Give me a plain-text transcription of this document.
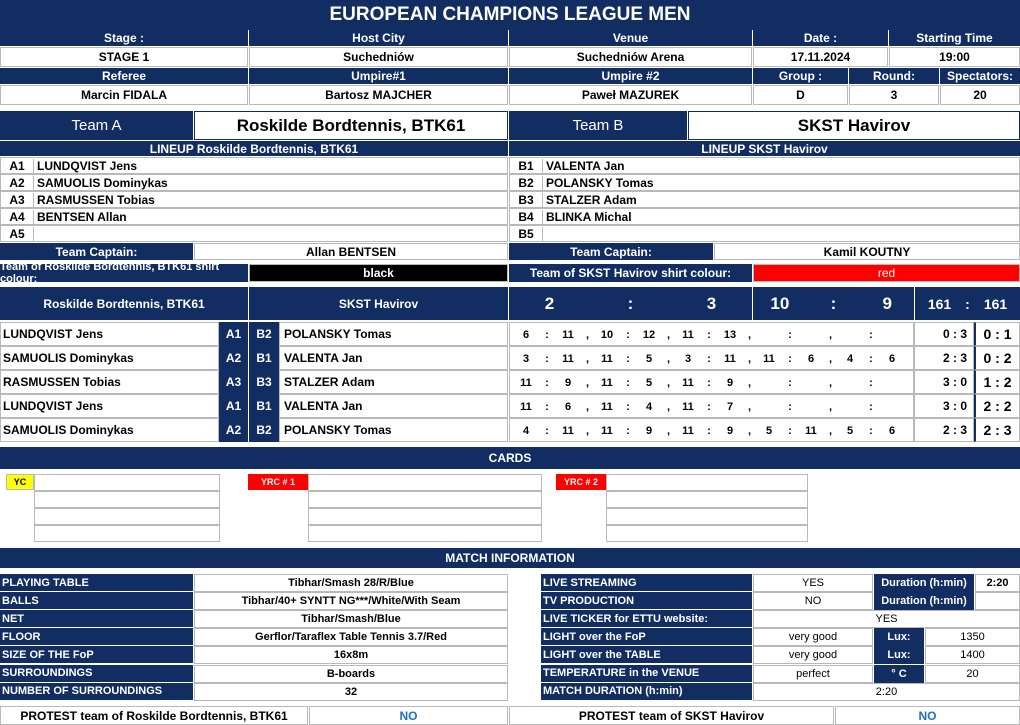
EUROPEAN CHAMPIONS LEAGUE MEN
Stage :	Host City	Venue	Date :	Starting Time
STAGE 1	Suchedniów	Suchedniów Arena	17.11.2024	19:00
Referee	Umpire#1	Umpire #2	Group :	Round:	Spectators:
Marcin FIDALA	Bartosz MAJCHER	Paweł MAZUREK	D	3	20
Team A	Roskilde Bordtennis, BTK61	Team B	SKST Havirov
LINEUP Roskilde Bordtennis, BTK61	LINEUP SKST Havirov
A1	LUNDQVIST Jens
A2	SAMUOLIS Dominykas
A3	RASMUSSEN Tobias
A4	BENTSEN Allan
A5
B1	VALENTA Jan
B2	POLANSKY Tomas
B3	STALZER Adam
B4	BLINKA Michal
B5
Team Captain:	Allan BENTSEN	Team Captain:	Kamil KOUTNY
Team of Roskilde Bordtennis, BTK61 shirt colour:	black	Team of SKST Havirov shirt colour:	red
Roskilde Bordtennis, BTK61	SKST Havirov	2	:	3	10	:	9	161 : 161
LUNDQVIST Jens	A1	B2	POLANSKY Tomas	6	:	11	,	10	:	12	,	11	:	13	,	:	,	:	0 : 3	0 : 1
SAMUOLIS Dominykas	A2	B1	VALENTA Jan	3	:	11	,	11	:	5	,	3	:	11	,	11	:	6	,	4	:	6	2 : 3	0 : 2
RASMUSSEN Tobias	A3	B3	STALZER Adam	11	:	9	,	11	:	5	,	11	:	9	,	:	,	:	3 : 0	1 : 2
LUNDQVIST Jens	A1	B1	VALENTA Jan	11	:	6	,	11	:	4	,	11	:	7	,	:	,	:	3 : 0	2 : 2
SAMUOLIS Dominykas	A2	B2	POLANSKY Tomas	4	:	11	,	11	:	9	,	11	:	9	,	5	:	11	,	5	:	6	2 : 3	2 : 3
CARDS
YC	YRC # 1	YRC # 2
MATCH INFORMATION
PLAYING TABLE	Tibhar/Smash 28/R/Blue
BALLS	Tibhar/40+ SYNTT NG***/White/With Seam
NET	Tibhar/Smash/Blue
FLOOR	Gerflor/Taraflex Table Tennis 3.7/Red
SIZE OF THE FoP	16x8m
SURROUNDINGS	B-boards
NUMBER OF SURROUNDINGS	32
LIVE STREAMING	YES	Duration (h:min)	2:20
TV PRODUCTION	NO	Duration (h:min)
LIVE TICKER for ETTU website:	YES
LIGHT over the FoP	very good	Lux:	1350
LIGHT over the TABLE	very good	Lux:	1400
TEMPERATURE in the VENUE	perfect	° C	20
MATCH DURATION (h:min)	2:20
PROTEST team of Roskilde Bordtennis, BTK61	NO	PROTEST team of SKST Havirov	NO
